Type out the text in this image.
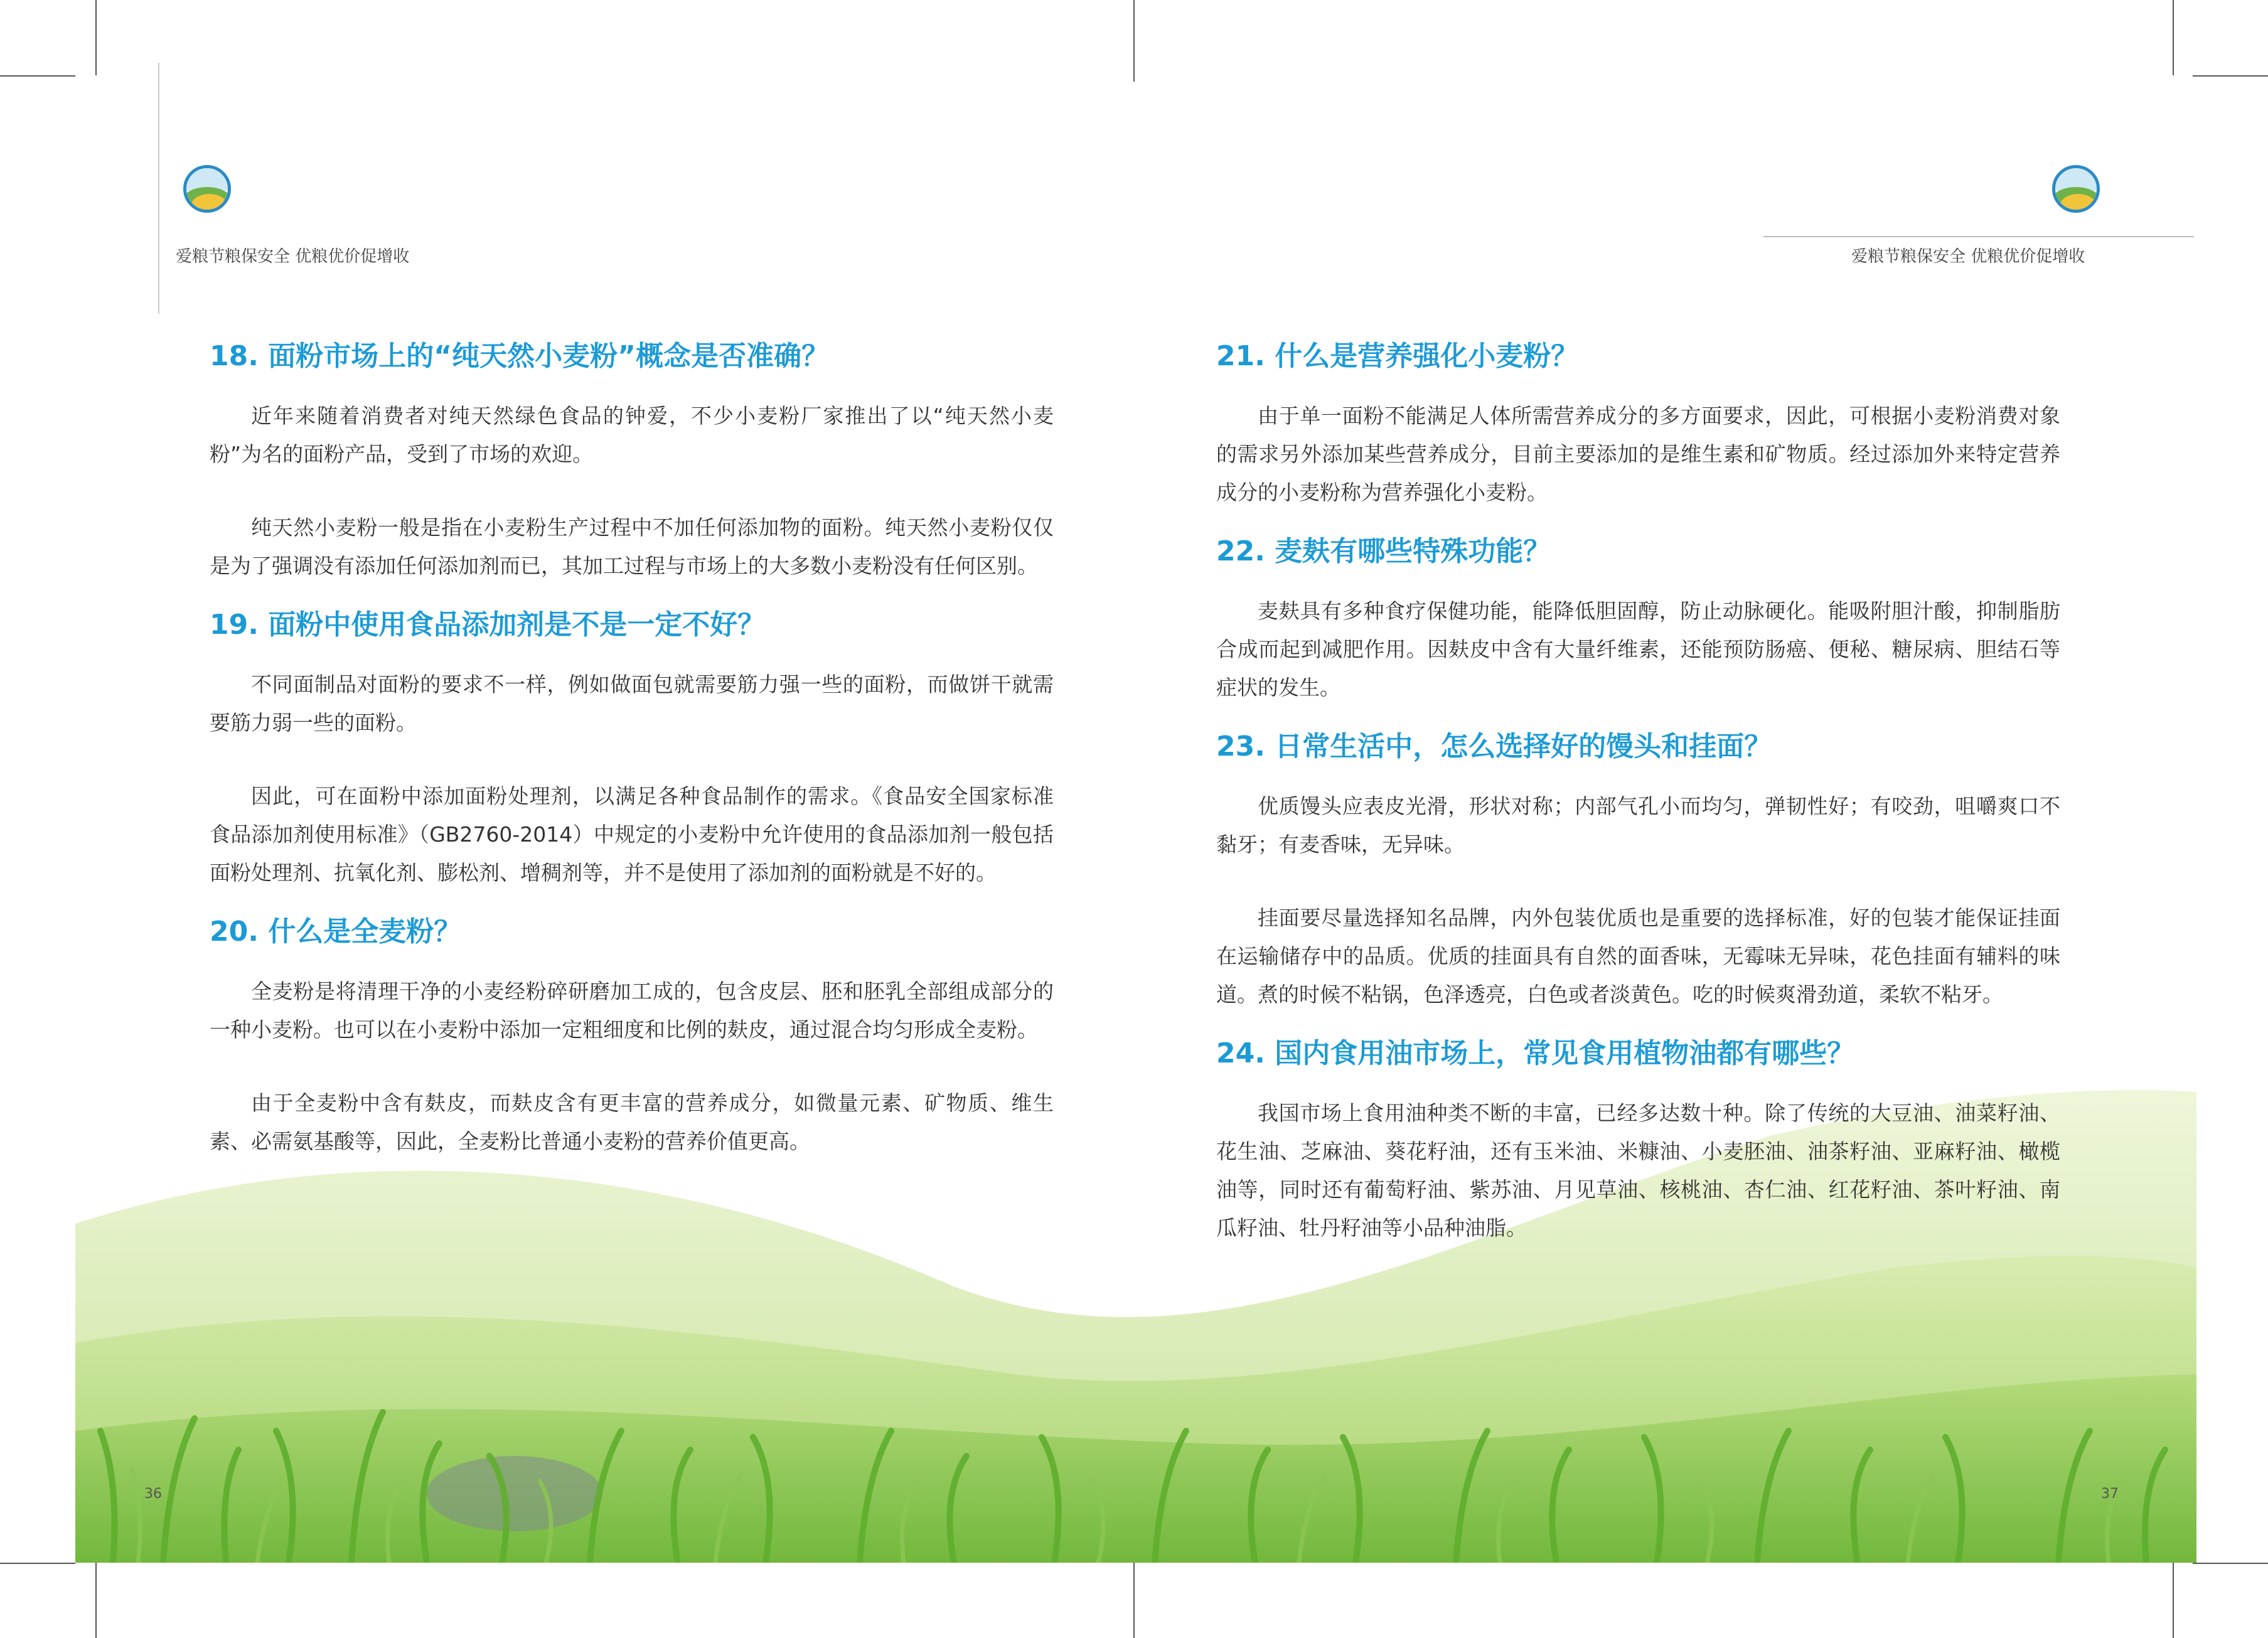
爱粮节粮保安全 优粮优价促增收	爱粮节粮保安全 优粮优价促增收
36	37
18. 面粉市场上的“纯天然小麦粉”概念是否准确？

近年来随着消费者对纯天然绿色食品的钟爱，不少小麦粉厂家推出了以“纯天然小麦粉”为名的面粉产品，受到了市场的欢迎。

纯天然小麦粉一般是指在小麦粉生产过程中不加任何添加物的面粉。纯天然小麦粉仅仅是为了强调没有添加任何添加剂而已，其加工过程与市场上的大多数小麦粉没有任何区别。

19. 面粉中使用食品添加剂是不是一定不好？

不同面制品对面粉的要求不一样，例如做面包就需要筋力强一些的面粉，而做饼干就需要筋力弱一些的面粉。

因此，可在面粉中添加面粉处理剂，以满足各种食品制作的需求。《食品安全国家标准 食品添加剂使用标准》（GB2760-2014）中规定的小麦粉中允许使用的食品添加剂一般包括面粉处理剂、抗氧化剂、膨松剂、增稠剂等，并不是使用了添加剂的面粉就是不好的。

20. 什么是全麦粉？

全麦粉是将清理干净的小麦经粉碎研磨加工成的，包含皮层、胚和胚乳全部组成部分的一种小麦粉。也可以在小麦粉中添加一定粗细度和比例的麸皮，通过混合均匀形成全麦粉。

由于全麦粉中含有麸皮，而麸皮含有更丰富的营养成分，如微量元素、矿物质、维生素、必需氨基酸等，因此，全麦粉比普通小麦粉的营养价值更高。

21. 什么是营养强化小麦粉？

由于单一面粉不能满足人体所需营养成分的多方面要求，因此，可根据小麦粉消费对象的需求另外添加某些营养成分，目前主要添加的是维生素和矿物质。经过添加外来特定营养成分的小麦粉称为营养强化小麦粉。

22. 麦麸有哪些特殊功能？

麦麸具有多种食疗保健功能，能降低胆固醇，防止动脉硬化。能吸附胆汁酸，抑制脂肪合成而起到减肥作用。因麸皮中含有大量纤维素，还能预防肠癌、便秘、糖尿病、胆结石等症状的发生。

23. 日常生活中，怎么选择好的馒头和挂面？

优质馒头应表皮光滑，形状对称；内部气孔小而均匀，弹韧性好；有咬劲，咀嚼爽口不黏牙；有麦香味，无异味。

挂面要尽量选择知名品牌，内外包装优质也是重要的选择标准，好的包装才能保证挂面在运输储存中的品质。优质的挂面具有自然的面香味，无霉味无异味，花色挂面有辅料的味道。煮的时候不粘锅，色泽透亮，白色或者淡黄色。吃的时候爽滑劲道，柔软不粘牙。

24. 国内食用油市场上，常见食用植物油都有哪些？

我国市场上食用油种类不断的丰富，已经多达数十种。除了传统的大豆油、油菜籽油、花生油、芝麻油、葵花籽油，还有玉米油、米糠油、小麦胚油、油茶籽油、亚麻籽油、橄榄油等，同时还有葡萄籽油、紫苏油、月见草油、核桃油、杏仁油、红花籽油、茶叶籽油、南瓜籽油、牡丹籽油等小品种油脂。
